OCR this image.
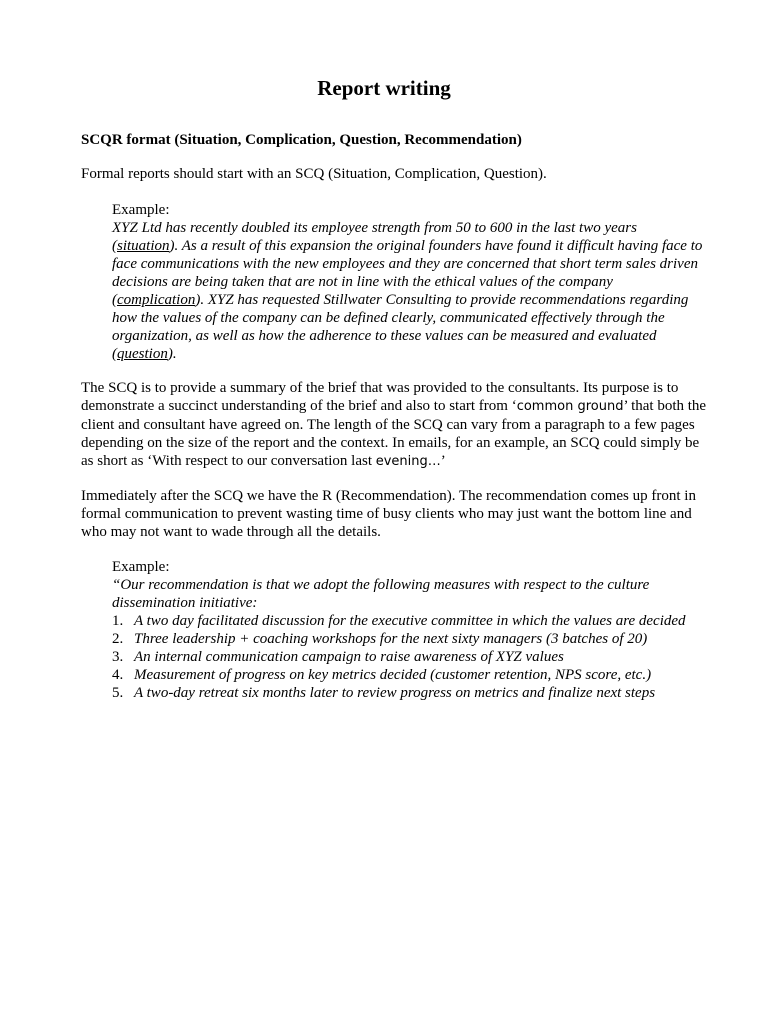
Report writing
SCQR format (Situation, Complication, Question, Recommendation)
Formal reports should start with an SCQ (Situation, Complication, Question).
Example:
XYZ Ltd has recently doubled its employee strength from 50 to 600 in the last two years
(situation). As a result of this expansion the original founders have found it difficult having face to
face communications with the new employees and they are concerned that short term sales driven
decisions are being taken that are not in line with the ethical values of the company
(complication). XYZ has requested Stillwater Consulting to provide recommendations regarding
how the values of the company can be defined clearly, communicated effectively through the
organization, as well as how the adherence to these values can be measured and evaluated
(question).
The SCQ is to provide a summary of the brief that was provided to the consultants. Its purpose is to
demonstrate a succinct understanding of the brief and also to start from ‘common ground’ that both the
client and consultant have agreed on. The length of the SCQ can vary from a paragraph to a few pages
depending on the size of the report and the context. In emails, for an example, an SCQ could simply be
as short as ‘With respect to our conversation last evening…’
Immediately after the SCQ we have the R (Recommendation). The recommendation comes up front in
formal communication to prevent wasting time of busy clients who may just want the bottom line and
who may not want to wade through all the details.
Example:
“Our recommendation is that we adopt the following measures with respect to the culture
dissemination initiative:
1. A two day facilitated discussion for the executive committee in which the values are decided
2. Three leadership + coaching workshops for the next sixty managers (3 batches of 20)
3. An internal communication campaign to raise awareness of XYZ values
4. Measurement of progress on key metrics decided (customer retention, NPS score, etc.)
5. A two-day retreat six months later to review progress on metrics and finalize next steps
